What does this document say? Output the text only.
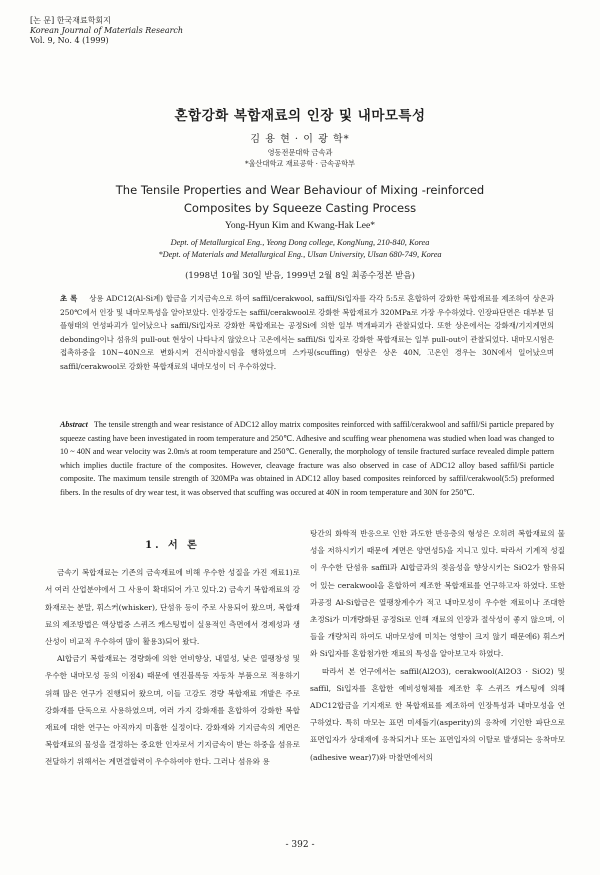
[논 문] 한국재료학회지
Korean Journal of Materials Research
Vol. 9, No. 4 (1999)
혼합강화 복합재료의 인장 및 내마모특성
김 용 현 · 이 광 학*
영동전문대학 금속과
*울산대학교 재료공학 · 금속공학부
The Tensile Properties and Wear Behaviour of Mixing -reinforced
Composites by Squeeze Casting Process
Yong-Hyun Kim and Kwang-Hak Lee*
Dept. of Metallurgical Eng., Yeong Dong college, KongNung, 210-840, Korea
*Dept. of Materials and Metallurgical Eng., Ulsan University, Ulsan 680-749, Korea
(1998년 10월 30일 받음, 1999년 2월 8일 최종수정본 받음)
초 록 상용 ADC12(Al-Si계) 합금을 기지금속으로 하여 saffil/cerakwool, saffil/Si입자를 각각 5:5로 혼합하여 강화한 복합재료를 제조하여 상온과 250℃에서 인장 및 내마모특성을 알아보았다. 인장강도는 saffil/cerakwool로 강화한 복합재료가 320MPa로 가장 우수하였다. 인장파단면은 대부분 딤플형태의 연성파괴가 일어났으나 saffil/Si입자로 강화한 복합재료는 공정Si에 의한 일부 벽개파괴가 관찰되었다. 또한 상온에서는 강화재/기지계면의 debonding이나 섬유의 pull-out 현상이 나타나지 않았으나 고온에서는 saffil/Si 입자로 강화한 복합재료는 일부 pull-out이 관찰되었다. 내마모시험은 접촉하중을 10N~40N으로 변화시켜 건식마찰시험을 행하였으며 스카핑(scuffing) 현상은 상온 40N, 고온인 경우는 30N에서 일어났으며 saffil/cerakwool로 강화한 복합재료의 내마모성이 더 우수하였다.
Abstract The tensile strength and wear resistance of ADC12 alloy matrix composites reinforced with saffil/cerakwool and saffil/Si particle prepared by squeeze casting have been investigated in room temperature and 250℃. Adhesive and scuffing wear phenomena was studied when load was changed to 10 ~ 40N and wear velocity was 2.0m/s at room temperature and 250℃. Generally, the morphology of tensile fractured surface revealed dimple pattern which implies ductile fracture of the composites. However, cleavage fracture was also observed in case of ADC12 alloy based saffil/Si particle composite. The maximum tensile strength of 320MPa was obtained in ADC12 alloy based composites reinforced by saffil/cerakwool(5:5) preformed fibers. In the results of dry wear test, it was observed that scuffing was occured at 40N in room temperature and 30N for 250℃.
1. 서 론

금속기 복합재료는 기존의 금속재료에 비해 우수한 성질을 가진 재료1)로서 여러 산업분야에서 그 사용이 확대되어 가고 있다.2) 금속기 복합재료의 강화재로는 분말, 휘스커(whisker), 단섬유 등이 주로 사용되어 왔으며, 복합재료의 제조방법은 액상법중 스퀴즈 캐스팅법이 실용적인 측면에서 경제성과 생산성이 비교적 우수하여 많이 활용3)되어 왔다.

Al합금기 복합재료는 경량화에 의한 연비향상, 내열성, 낮은 열팽창성 및 우수한 내마모성 등의 이점4) 때문에 엔진블록등 자동차 부품으로 적용하기 위해 많은 연구가 진행되어 왔으며, 이들 고강도 경량 복합재료 개발은 주로 강화재를 단독으로 사용하였으며, 여러 가지 강화재를 혼합하여 강화한 복합재료에 대한 연구는 아직까지 미흡한 실정이다. 강화재와 기지금속의 계면은 복합재료의 물성을 결정하는 중요한 인자로서 기지금속이 받는 하중을 섬유로 전달하기 위해서는 계면결합력이 우수하여야 한다. 그러나 섬유와 용

탕간의 화학적 반응으로 인한 과도한 반응층의 형성은 오히려 복합재료의 물성을 저하시키기 때문에 계면은 양면성5)을 지니고 있다. 따라서 기계적 성질이 우수한 단섬유 saffil과 Al합금과의 젖음성을 향상시키는 SiO2가 함유되어 있는 cerakwool을 혼합하여 제조한 복합재료를 연구하고자 하였다. 또한 과공정 Al-Si합금은 열팽창계수가 적고 내마모성이 우수한 재료이나 조대한 초정Si가 미개량화된 공정Si로 인해 재료의 인장과 절삭성이 좋지 않으며, 이들을 개량처리 하여도 내마모성에 미치는 영향이 크지 않기 때문에6) 휘스커와 Si입자를 혼합첨가한 재료의 특성을 알아보고자 하였다.

따라서 본 연구에서는 saffil(Al2O3), cerakwool(Al2O3 · SiO2) 및 saffil, Si입자를 혼합한 예비성형체를 제조한 후 스퀴즈 캐스팅에 의해 ADC12합금을 기지재로 한 복합재료를 제조하여 인장특성과 내마모성을 연구하였다. 특히 마모는 표면 미세돌기(asperity)의 응착에 기인한 파단으로 표면입자가 상대재에 응착되거나 또는 표면입자의 이탈로 발생되는 응착마모(adhesive wear)7)와 마찰면에서의

- 392 -
